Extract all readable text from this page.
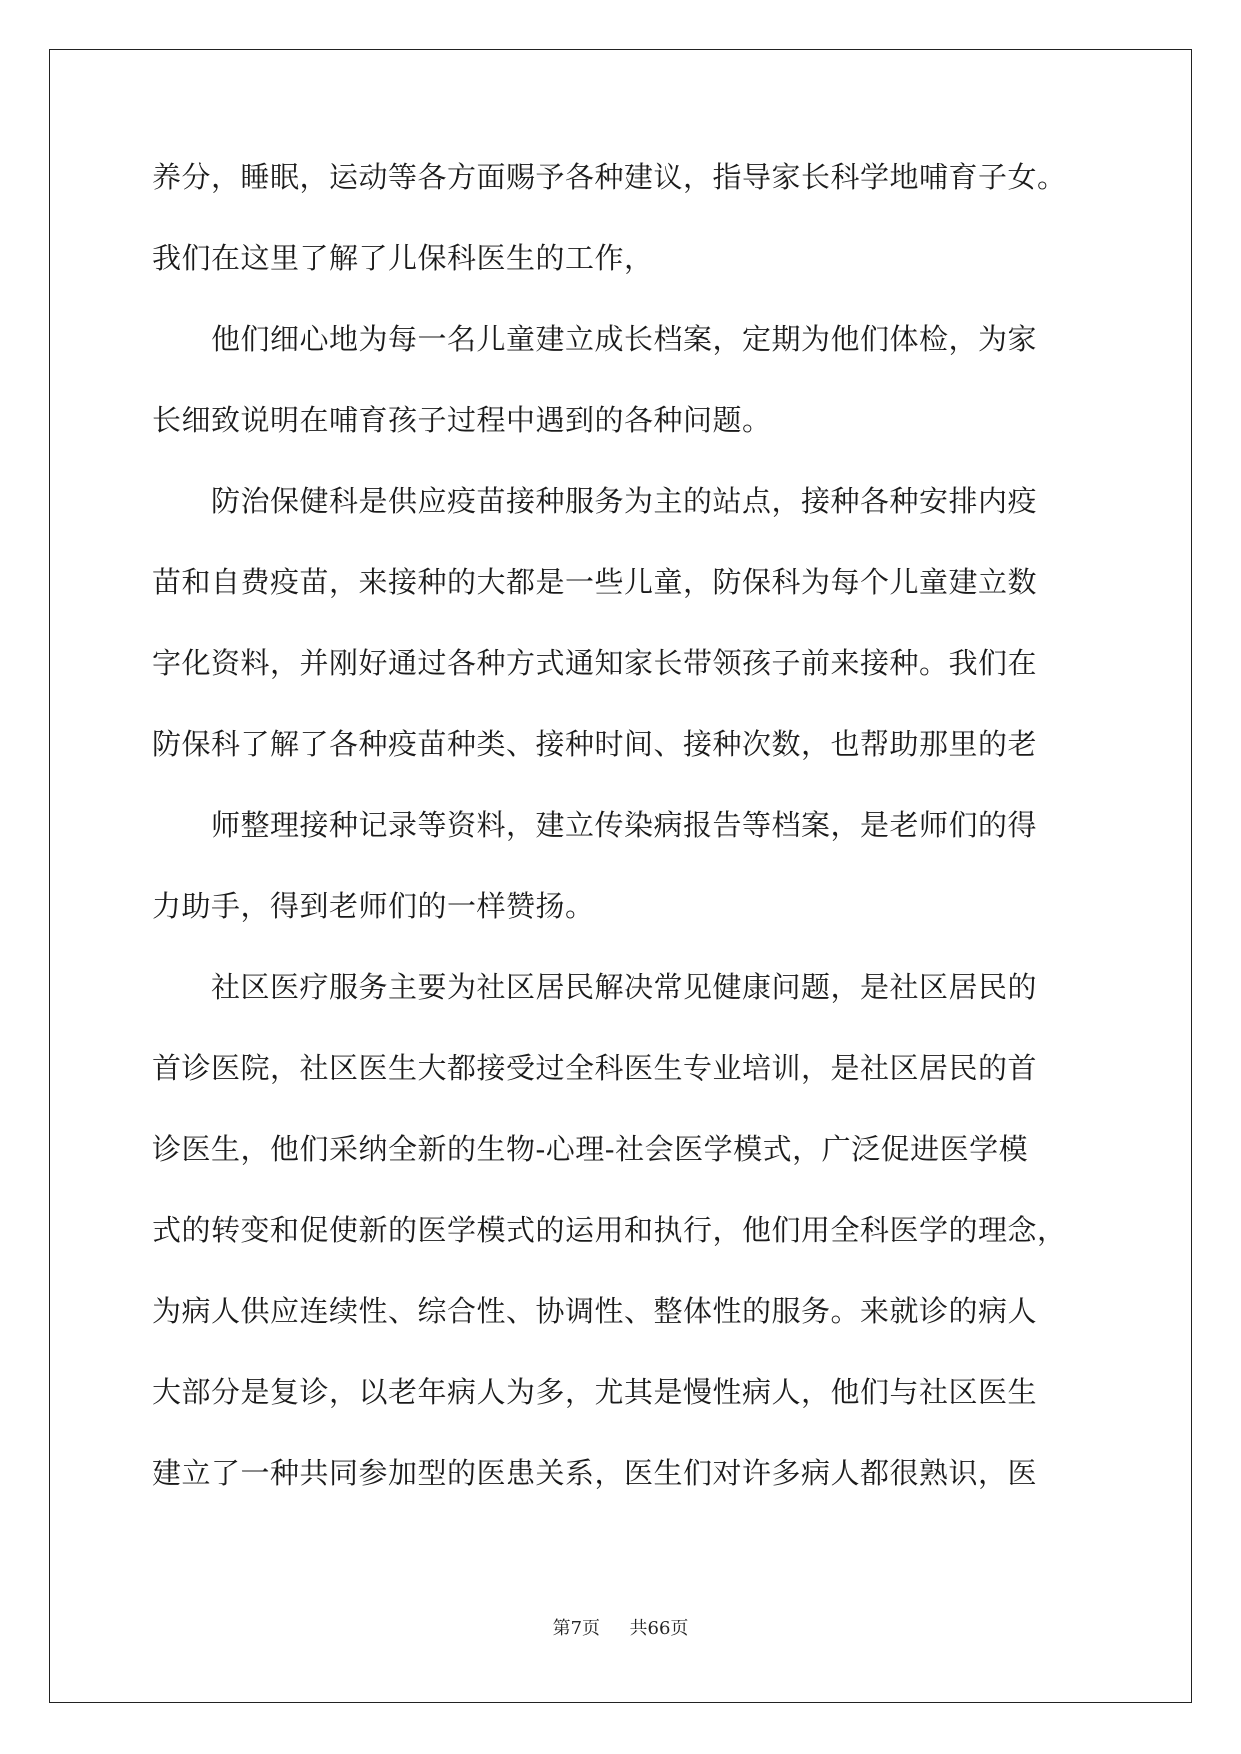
养分，睡眠，运动等各方面赐予各种建议，指导家长科学地哺育子女。
我们在这里了解了儿保科医生的工作，
　　他们细心地为每一名儿童建立成长档案，定期为他们体检，为家
长细致说明在哺育孩子过程中遇到的各种问题。
　　防治保健科是供应疫苗接种服务为主的站点，接种各种安排内疫
苗和自费疫苗，来接种的大都是一些儿童，防保科为每个儿童建立数
字化资料，并刚好通过各种方式通知家长带领孩子前来接种。我们在
防保科了解了各种疫苗种类、接种时间、接种次数，也帮助那里的老
　　师整理接种记录等资料，建立传染病报告等档案，是老师们的得
力助手，得到老师们的一样赞扬。
　　社区医疗服务主要为社区居民解决常见健康问题，是社区居民的
首诊医院，社区医生大都接受过全科医生专业培训，是社区居民的首
诊医生，他们采纳全新的生物-心理-社会医学模式，广泛促进医学模
式的转变和促使新的医学模式的运用和执行，他们用全科医学的理念，
为病人供应连续性、综合性、协调性、整体性的服务。来就诊的病人
大部分是复诊，以老年病人为多，尤其是慢性病人，他们与社区医生
建立了一种共同参加型的医患关系，医生们对许多病人都很熟识，医
第7页 共66页
